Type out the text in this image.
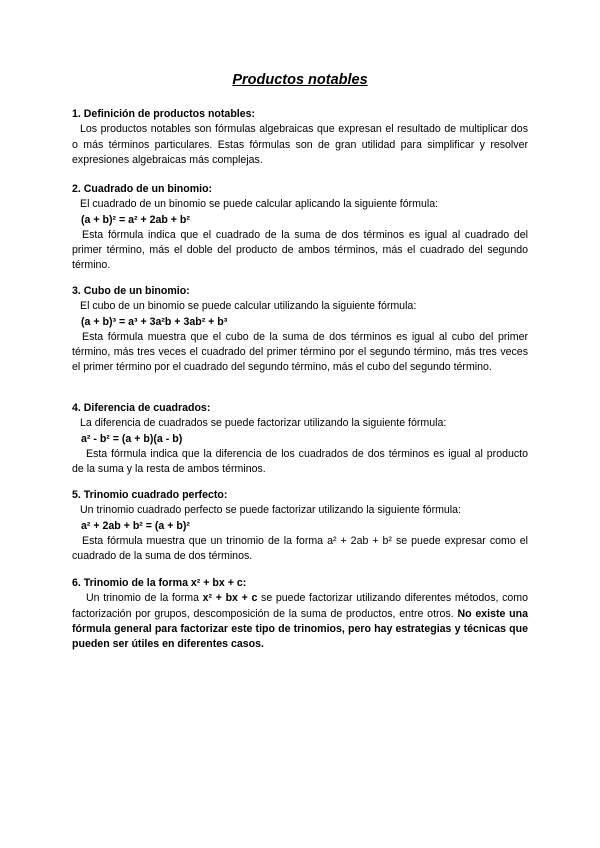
Productos notables

1. Definición de productos notables:

Los productos notables son fórmulas algebraicas que expresan el resultado de multiplicar dos o más términos particulares. Estas fórmulas son de gran utilidad para simplificar y resolver expresiones algebraicas más complejas.

2. Cuadrado de un binomio:

El cuadrado de un binomio se puede calcular aplicando la siguiente fórmula:

(a + b)² = a² + 2ab + b²

Esta fórmula indica que el cuadrado de la suma de dos términos es igual al cuadrado del primer término, más el doble del producto de ambos términos, más el cuadrado del segundo término.

3. Cubo de un binomio:

El cubo de un binomio se puede calcular utilizando la siguiente fórmula:

(a + b)³ = a³ + 3a²b + 3ab² + b³

Esta fórmula muestra que el cubo de la suma de dos términos es igual al cubo del primer término, más tres veces el cuadrado del primer término por el segundo término, más tres veces el primer término por el cuadrado del segundo término, más el cubo del segundo término.

4. Diferencia de cuadrados:

La diferencia de cuadrados se puede factorizar utilizando la siguiente fórmula:

a² - b² = (a + b)(a - b)

Esta fórmula indica que la diferencia de los cuadrados de dos términos es igual al producto de la suma y la resta de ambos términos.

5. Trinomio cuadrado perfecto:

Un trinomio cuadrado perfecto se puede factorizar utilizando la siguiente fórmula:

a² + 2ab + b² = (a + b)²

Esta fórmula muestra que un trinomio de la forma a² + 2ab + b² se puede expresar como el cuadrado de la suma de dos términos.

6. Trinomio de la forma x² + bx + c:

Un trinomio de la forma x² + bx + c se puede factorizar utilizando diferentes métodos, como factorización por grupos, descomposición de la suma de productos, entre otros. No existe una fórmula general para factorizar este tipo de trinomios, pero hay estrategias y técnicas que pueden ser útiles en diferentes casos.
